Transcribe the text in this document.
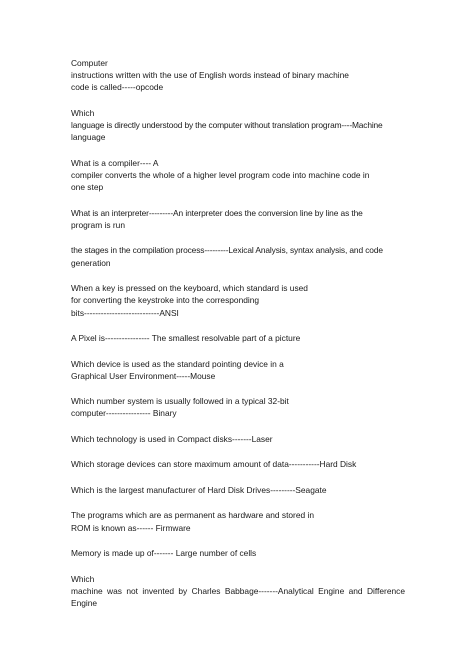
Computer
instructions written with the use of English words instead of binary machine
code is called-----opcode

Which
language is directly understood by the computer without translation program----Machine
language

What is a compiler---- A
compiler converts the whole of a higher level program code into machine code in
one step

What is an interpreter---------An interpreter does the conversion line by line as the
program is run

the stages in the compilation process---------Lexical Analysis, syntax analysis, and code
generation

When a key is pressed on the keyboard, which standard is used
for converting the keystroke into the corresponding
bits---------------------------ANSI

A Pixel is---------------- The smallest resolvable part of a picture

Which device is used as the standard pointing device in a
Graphical User Environment-----Mouse

Which number system is usually followed in a typical 32-bit
computer---------------- Binary

Which technology is used in Compact disks-------Laser

Which storage devices can store maximum amount of data-----------Hard Disk

Which is the largest manufacturer of Hard Disk Drives---------Seagate

The programs which are as permanent as hardware and stored in
ROM is known as------ Firmware

Memory is made up of------- Large number of cells

Which
machine was not invented by Charles Babbage-------Analytical Engine and Difference
Engine
